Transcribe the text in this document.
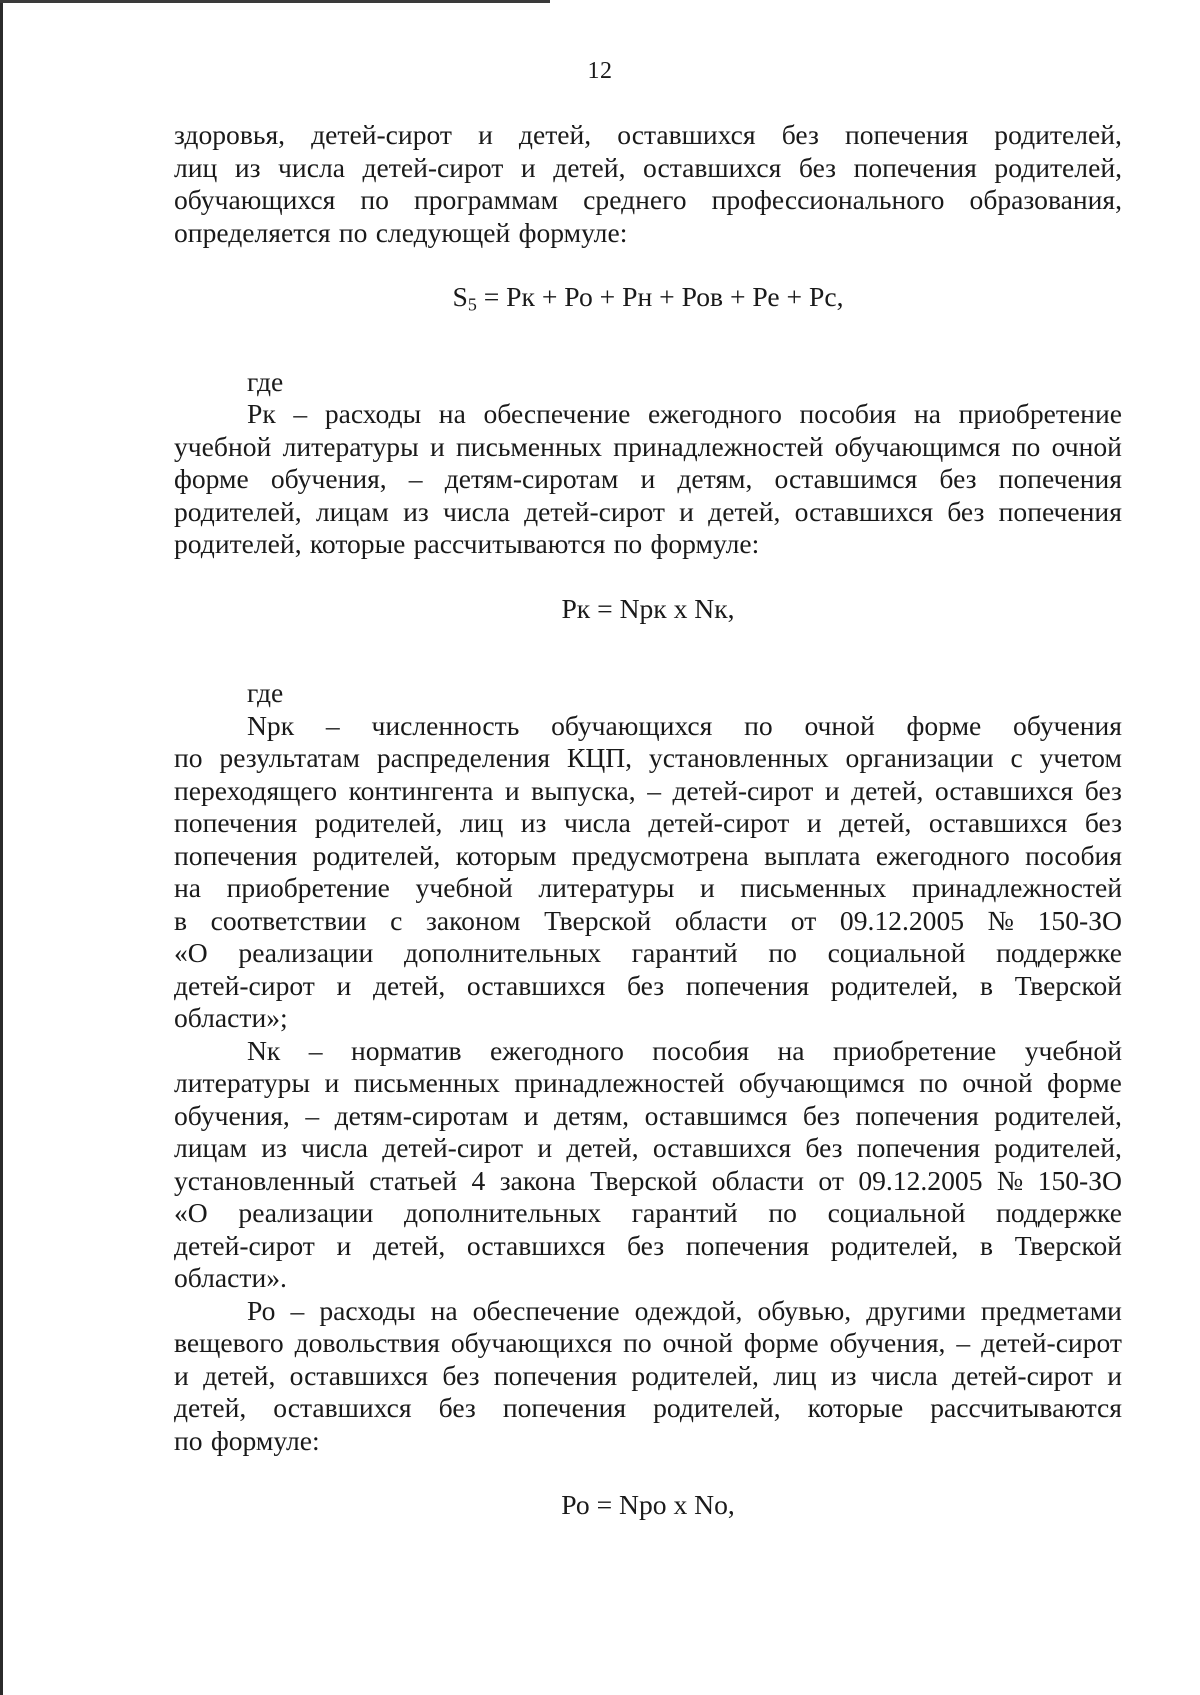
12
здоровья, детей-сирот и детей, оставшихся без попечения родителей,
лиц из числа детей-сирот и детей, оставшихся без попечения родителей,
обучающихся по программам среднего профессионального образования,
определяется по следующей формуле:
$S_5$ = Рк + Ро + Рн + Ров + Ре + Рс,
где
Рк – расходы на обеспечение ежегодного пособия на приобретение
учебной литературы и письменных принадлежностей обучающимся по очной
форме обучения, – детям-сиротам и детям, оставшимся без попечения
родителей, лицам из числа детей-сирот и детей, оставшихся без попечения
родителей, которые рассчитываются по формуле:
Рк = Nрк x Nк,
где
Nрк – численность обучающихся по очной форме обучения
по результатам распределения КЦП, установленных организации с учетом
переходящего контингента и выпуска, – детей-сирот и детей, оставшихся без
попечения родителей, лиц из числа детей-сирот и детей, оставшихся без
попечения родителей, которым предусмотрена выплата ежегодного пособия
на приобретение учебной литературы и письменных принадлежностей
в соответствии с законом Тверской области от 09.12.2005 № 150-ЗО
«О реализации дополнительных гарантий по социальной поддержке
детей-сирот и детей, оставшихся без попечения родителей, в Тверской
области»;
Nк – норматив ежегодного пособия на приобретение учебной
литературы и письменных принадлежностей обучающимся по очной форме
обучения, – детям-сиротам и детям, оставшимся без попечения родителей,
лицам из числа детей-сирот и детей, оставшихся без попечения родителей,
установленный статьей 4 закона Тверской области от 09.12.2005 № 150-ЗО
«О реализации дополнительных гарантий по социальной поддержке
детей-сирот и детей, оставшихся без попечения родителей, в Тверской
области».
Ро – расходы на обеспечение одеждой, обувью, другими предметами
вещевого довольствия обучающихся по очной форме обучения, – детей-сирот
и детей, оставшихся без попечения родителей, лиц из числа детей-сирот и
детей, оставшихся без попечения родителей, которые рассчитываются
по формуле:
Ро = Nро x Nо,
